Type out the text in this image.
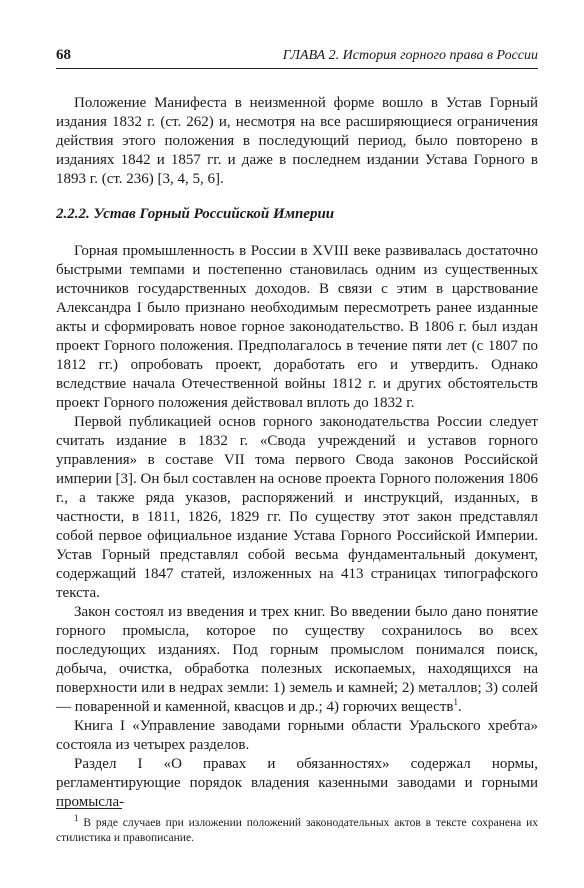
68	ГЛАВА 2. История горного права в России

Положение Манифеста в неизменной форме вошло в Устав Горный издания 1832 г. (ст. 262) и, несмотря на все расширяющиеся ограничения действия этого положения в последующий период, было повторено в изданиях 1842 и 1857 гг. и даже в последнем издании Устава Горного в 1893 г. (ст. 236) [3, 4, 5, 6].

2.2.2. Устав Горный Российской Империи

Горная промышленность в России в XVIII веке развивалась достаточно быстрыми темпами и постепенно становилась одним из существенных источников государственных доходов. В связи с этим в царствование Александра I было признано необходимым пересмотреть ранее изданные акты и сформировать новое горное законодательство. В 1806 г. был издан проект Горного положения. Предполагалось в течение пяти лет (с 1807 по 1812 гг.) опробовать проект, доработать его и утвердить. Однако вследствие начала Отечественной войны 1812 г. и других обстоятельств проект Горного положения действовал вплоть до 1832 г.

Первой публикацией основ горного законодательства России следует считать издание в 1832 г. «Свода учреждений и уставов горного управления» в составе VII тома первого Свода законов Российской империи [3]. Он был составлен на основе проекта Горного положения 1806 г., а также ряда указов, распоряжений и инструкций, изданных, в частности, в 1811, 1826, 1829 гг. По существу этот закон представлял собой первое официальное издание Устава Горного Российской Империи. Устав Горный представлял собой весьма фундаментальный документ, содержащий 1847 статей, изложенных на 413 страницах типографского текста.

Закон состоял из введения и трех книг. Во введении было дано понятие горного промысла, которое по существу сохранилось во всех последующих изданиях. Под горным промыслом понимался поиск, добыча, очистка, обработка полезных ископаемых, находящихся на поверхности или в недрах земли: 1) земель и камней; 2) металлов; 3) солей — поваренной и каменной, квасцов и др.; 4) горючих веществ$^1$.

Книга I «Управление заводами горными области Уральского хребта» состояла из четырех разделов.

Раздел I «О правах и обязанностях» содержал нормы, регламентирующие порядок владения казенными заводами и горными промысла-

$^1$ В ряде случаев при изложении положений законодательных актов в тексте сохранена их стилистика и правописание.
